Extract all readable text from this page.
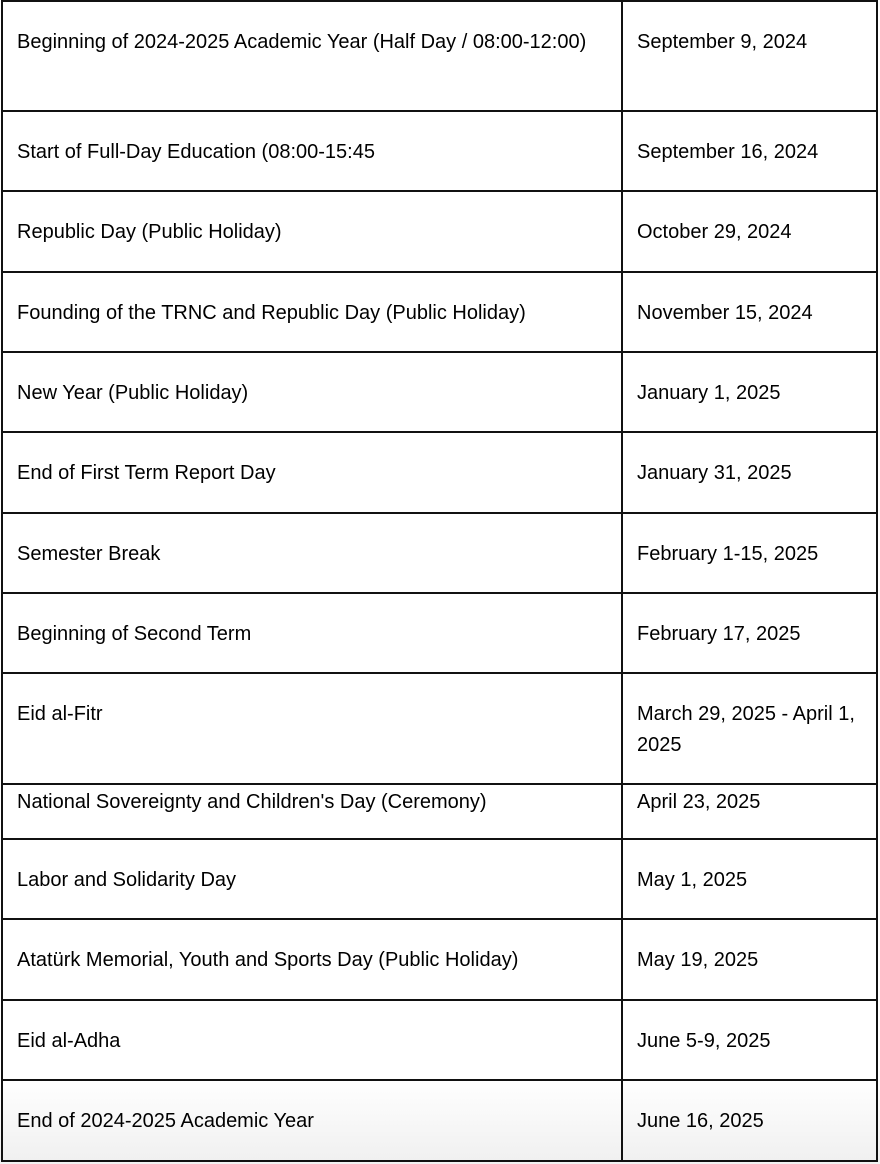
Beginning of 2024-2025 Academic Year (Half Day / 08:00-12:00)	September 9, 2024
Start of Full-Day Education (08:00-15:45	September 16, 2024
Republic Day (Public Holiday)	October 29, 2024
Founding of the TRNC and Republic Day (Public Holiday)	November 15, 2024
New Year (Public Holiday)	January 1, 2025
End of First Term Report Day	January 31, 2025
Semester Break	February 1-15, 2025
Beginning of Second Term	February 17, 2025
Eid al-Fitr	March 29, 2025 - April 1, 2025
National Sovereignty and Children's Day (Ceremony)	April 23, 2025
Labor and Solidarity Day	May 1, 2025
Atatürk Memorial, Youth and Sports Day (Public Holiday)	May 19, 2025
Eid al-Adha	June 5-9, 2025
End of 2024-2025 Academic Year	June 16, 2025
